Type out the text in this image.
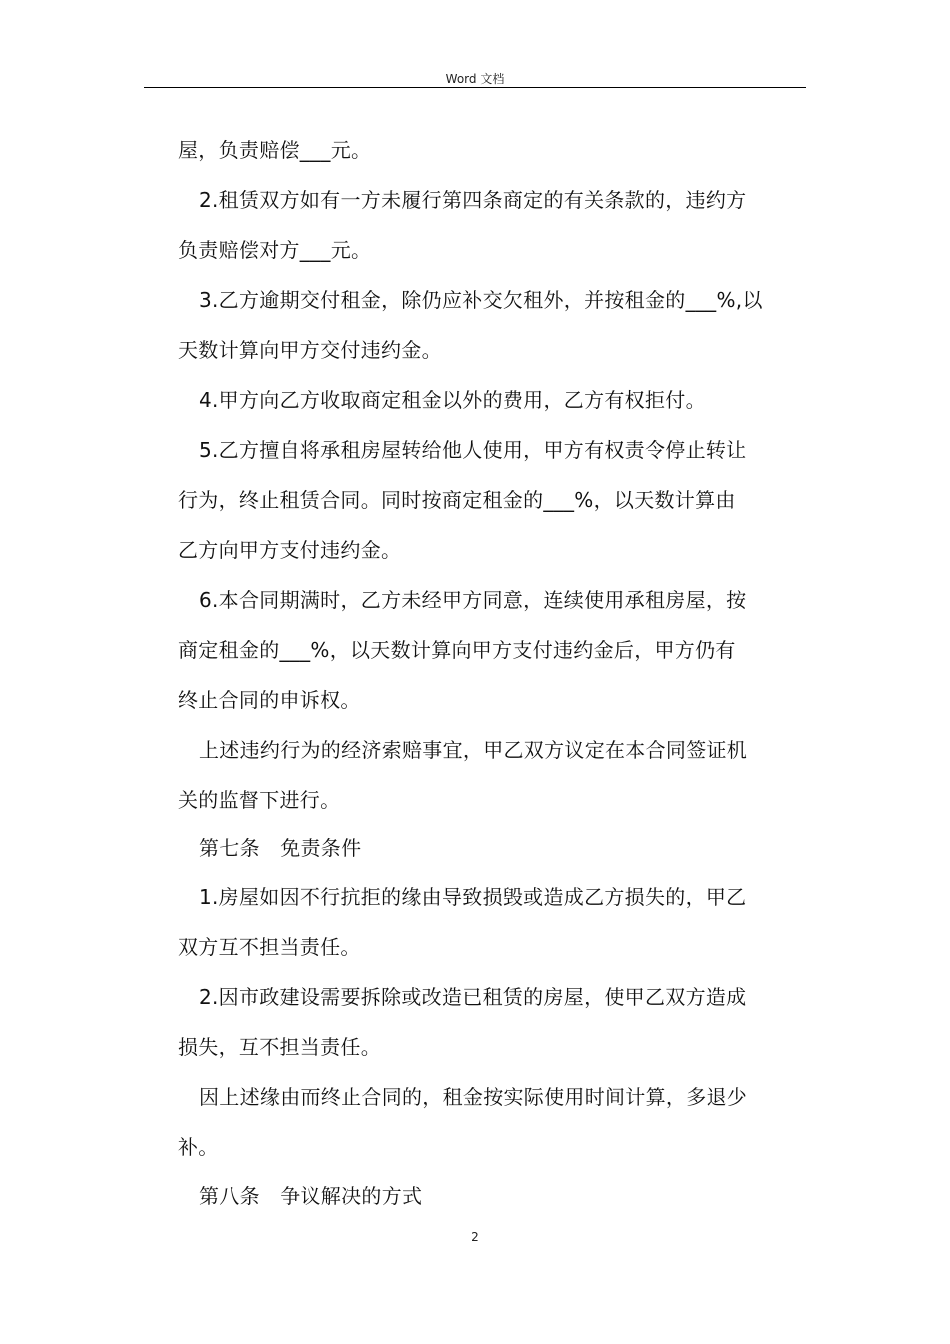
Word 文档
屋，负责赔偿___元。
2.租赁双方如有一方未履行第四条商定的有关条款的，违约方
负责赔偿对方___元。
3.乙方逾期交付租金，除仍应补交欠租外，并按租金的___%,以
天数计算向甲方交付违约金。
4.甲方向乙方收取商定租金以外的费用，乙方有权拒付。
5.乙方擅自将承租房屋转给他人使用，甲方有权责令停止转让
行为，终止租赁合同。同时按商定租金的___%，以天数计算由
乙方向甲方支付违约金。
6.本合同期满时，乙方未经甲方同意，连续使用承租房屋，按
商定租金的___%，以天数计算向甲方支付违约金后，甲方仍有
终止合同的申诉权。
上述违约行为的经济索赔事宜，甲乙双方议定在本合同签证机
关的监督下进行。
第七条　免责条件
1.房屋如因不行抗拒的缘由导致损毁或造成乙方损失的，甲乙
双方互不担当责任。
2.因市政建设需要拆除或改造已租赁的房屋，使甲乙双方造成
损失，互不担当责任。
因上述缘由而终止合同的，租金按实际使用时间计算，多退少
补。
第八条　争议解决的方式
2
